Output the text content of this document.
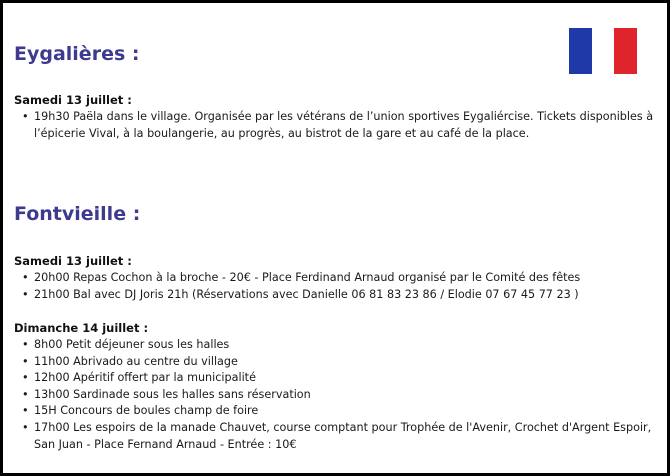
Eygalières :

Samedi 13 juillet :

• 19h30 Paëla dans le village. Organisée par les vétérans de l’union sportives Eygaliércise. Tickets disponibles à l’épicerie Vival, à la boulangerie, au progrès, au bistrot de la gare et au café de la place.
Fontvieille :

Samedi 13 juillet :

• 20h00 Repas Cochon à la broche - 20€ - Place Ferdinand Arnaud organisé par le Comité des fêtes
• 21h00 Bal avec DJ Joris 21h (Réservations avec Danielle 06 81 83 23 86 / Elodie 07 67 45 77 23 )

Dimanche 14 juillet :

• 8h00 Petit déjeuner sous les halles
• 11h00 Abrivado au centre du village
• 12h00 Apéritif offert par la municipalité
• 13h00 Sardinade sous les halles sans réservation
• 15H Concours de boules champ de foire
• 17h00 Les espoirs de la manade Chauvet, course comptant pour Trophée de l'Avenir, Crochet d'Argent Espoir, San Juan - Place Fernand Arnaud - Entrée : 10€
